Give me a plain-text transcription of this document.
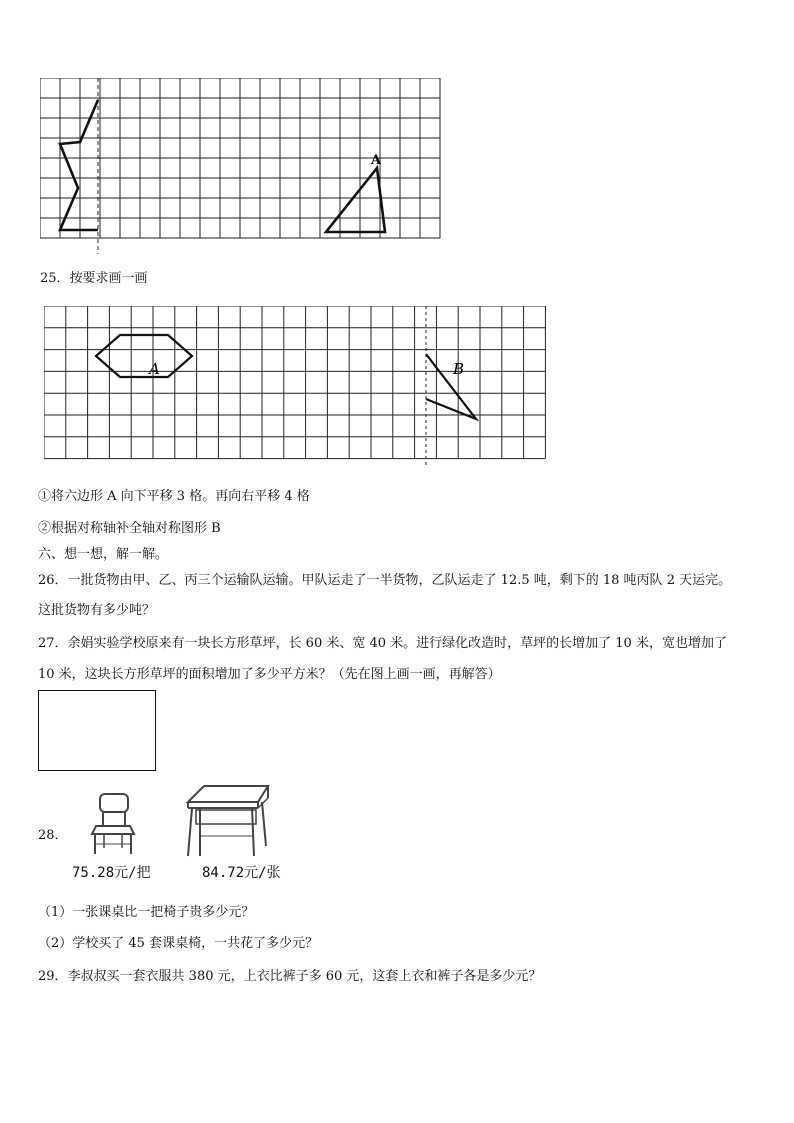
A
25．按要求画一画
A	B
①将六边形 A 向下平移 3 格。再向右平移 4 格
②根据对称轴补全轴对称图形 B
六、想一想，解一解。
26．一批货物由甲、乙、丙三个运输队运输。甲队运走了一半货物，乙队运走了 12.5 吨，剩下的 18 吨丙队 2 天运完。
这批货物有多少吨？
27．余娟实验学校原来有一块长方形草坪，长 60 米、宽 40 米。进行绿化改造时，草坪的长增加了 10 米，宽也增加了
10 米，这块长方形草坪的面积增加了多少平方米？（先在图上画一画，再解答）
28．
75.28元/把	84.72元/张
（1）一张课桌比一把椅子贵多少元？
（2）学校买了 45 套课桌椅，一共花了多少元？
29．李叔叔买一套衣服共 380 元，上衣比裤子多 60 元，这套上衣和裤子各是多少元？
